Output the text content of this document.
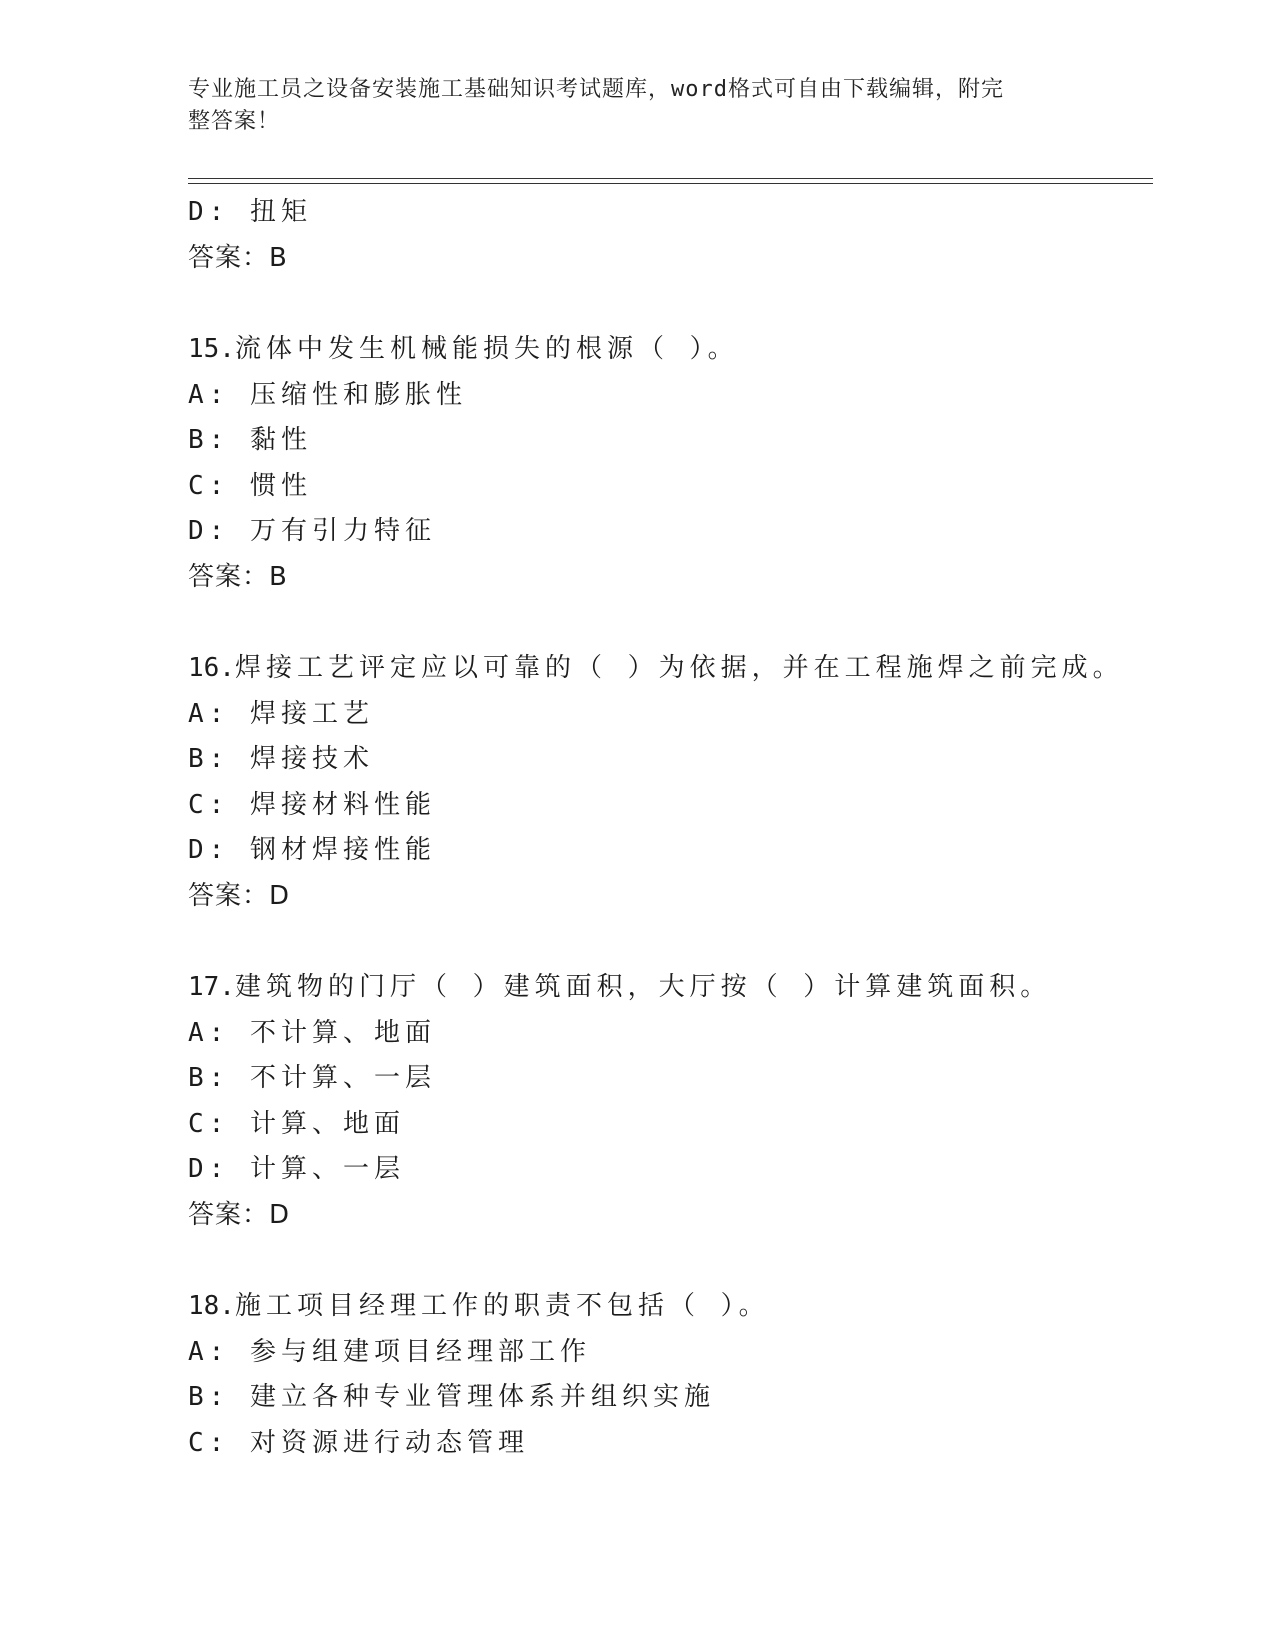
专业施工员之设备安装施工基础知识考试题库，word格式可自由下载编辑，附完
整答案！
D: 扭矩
答案：B
15.流体中发生机械能损失的根源（ ）。
A: 压缩性和膨胀性
B: 黏性
C: 惯性
D: 万有引力特征
答案：B
16.焊接工艺评定应以可靠的（ ）为依据，并在工程施焊之前完成。
A: 焊接工艺
B: 焊接技术
C: 焊接材料性能
D: 钢材焊接性能
答案：D
17.建筑物的门厅（ ）建筑面积，大厅按（ ）计算建筑面积。
A: 不计算、地面
B: 不计算、一层
C: 计算、地面
D: 计算、一层
答案：D
18.施工项目经理工作的职责不包括（ ）。
A: 参与组建项目经理部工作
B: 建立各种专业管理体系并组织实施
C: 对资源进行动态管理
